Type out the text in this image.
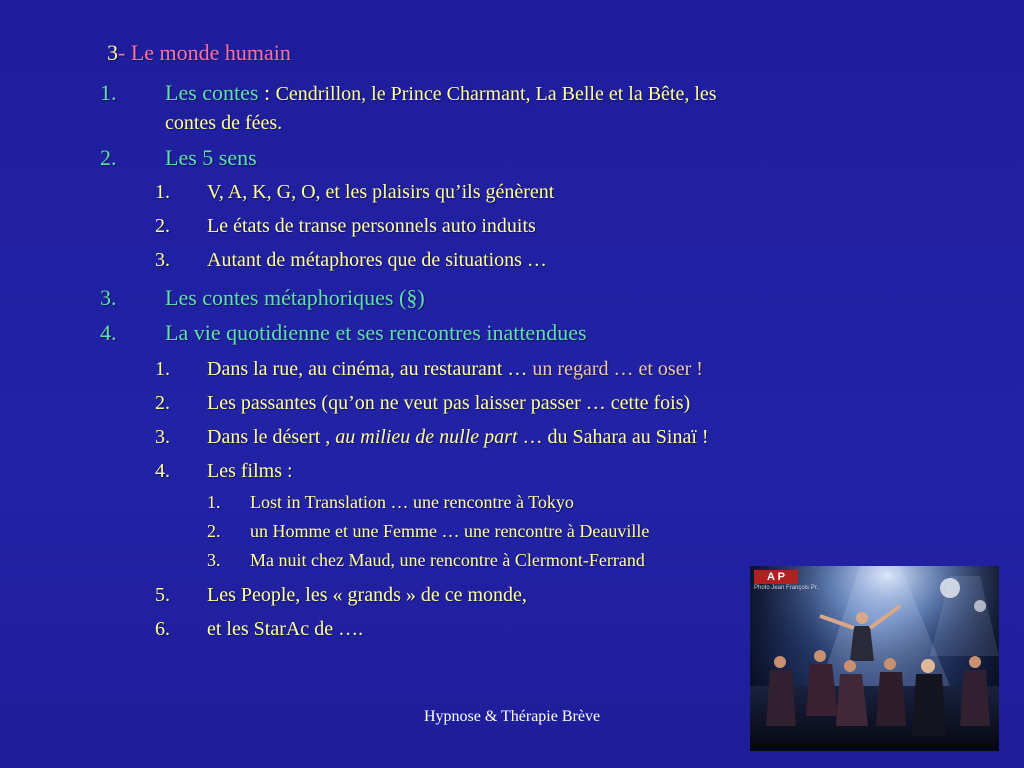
3- Le monde humain
1. Les contes : Cendrillon, le Prince Charmant, La Belle et la Bête, les
contes de fées.
2. Les 5 sens
1. V, A, K, G, O, et les plaisirs qu’ils génèrent
2. Le états de transe personnels auto induits
3. Autant de métaphores que de situations …
3. Les contes métaphoriques (§)
4. La vie quotidienne et ses rencontres inattendues
1. Dans la rue, au cinéma, au restaurant … un regard … et oser !
2. Les passantes (qu’on ne veut pas laisser passer … cette fois)
3. Dans le désert , au milieu de nulle part … du Sahara au Sinaï !
4. Les films :
1. Lost in Translation … une rencontre à Tokyo
2. un Homme et une Femme … une rencontre à Deauville
3. Ma nuit chez Maud, une rencontre à Clermont-Ferrand
5. Les People, les « grands » de ce monde,
6. et les StarAc de ….
A P
Photo Jean François Pr..
Hypnose & Thérapie Brève
